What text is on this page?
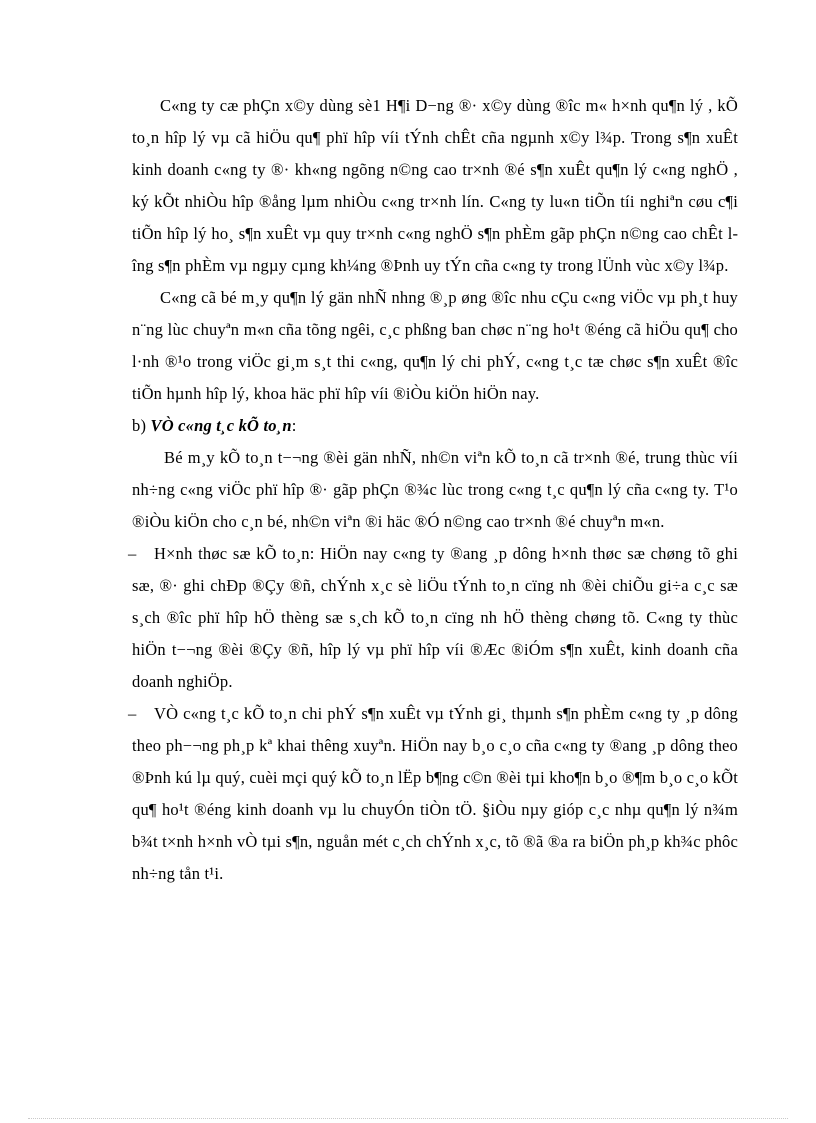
C«ng ty cæ phÇn x©y dùng sè1 H¶i D−ng ®· x©y dùng ®îc m« h×nh qu¶n lý , kÕ to¸n hîp lý vµ cã hiÖu qu¶ phï hîp víi tÝnh chÊt cña ngµnh x©y l¾p. Trong s¶n xuÊt kinh doanh c«ng ty ®· kh«ng ngõng n©ng cao tr×nh ®é s¶n xuÊt qu¶n lý c«ng nghÖ , ký kÕt nhiÒu hîp ®ång lµm nhiÒu c«ng tr×nh lín. C«ng ty lu«n tiÕn tíi nghiªn cøu c¶i tiÕn hîp lý ho¸ s¶n xuÊt vµ quy tr×nh c«ng nghÖ s¶n phÈm gãp phÇn n©ng cao chÊt lîng s¶n phÈm vµ ngµy cµng kh¼ng ®Þnh uy tÝn cña c«ng ty trong lÜnh vùc x©y l¾p.

C«ng cã bé m¸y qu¶n lý gän nhÑ nhng ®¸p øng ®îc nhu cÇu c«ng viÖc vµ ph¸t huy n¨ng lùc chuyªn m«n cña tõng ngêi, c¸c phßng ban chøc n¨ng ho¹t ®éng cã hiÖu qu¶ cho l·nh ®¹o trong viÖc gi¸m s¸t thi c«ng, qu¶n lý chi phÝ, c«ng t¸c tæ chøc s¶n xuÊt ®îc tiÕn hµnh hîp lý, khoa häc phï hîp víi ®iÒu kiÖn hiÖn nay.

b) VÒ c«ng t¸c kÕ to¸n:

Bé m¸y kÕ to¸n t−¬ng ®èi gän nhÑ, nh©n viªn kÕ to¸n cã tr×nh ®é, trung thùc víi nh÷ng c«ng viÖc phï hîp ®· gãp phÇn ®¾c lùc trong c«ng t¸c qu¶n lý cña c«ng ty. T¹o ®iÒu kiÖn cho c¸n bé, nh©n viªn ®i häc ®Ó n©ng cao tr×nh ®é chuyªn m«n.

– H×nh thøc sæ kÕ to¸n: HiÖn nay c«ng ty ®ang ¸p dông h×nh thøc sæ chøng tõ ghi sæ, ®· ghi chÐp ®Çy ®ñ, chÝnh x¸c sè liÖu tÝnh to¸n cïng nh ®èi chiÕu gi÷a c¸c sæ s¸ch ®îc phï hîp hÖ thèng sæ s¸ch kÕ to¸n cïng nh hÖ thèng chøng tõ. C«ng ty thùc hiÖn t−¬ng ®èi ®Çy ®ñ, hîp lý vµ phï hîp víi ®Æc ®iÓm s¶n xuÊt, kinh doanh cña doanh nghiÖp.

– VÒ c«ng t¸c kÕ to¸n chi phÝ s¶n xuÊt vµ tÝnh gi¸ thµnh s¶n phÈm c«ng ty ¸p dông theo ph−¬ng ph¸p kª khai thêng xuyªn. HiÖn nay b¸o c¸o cña c«ng ty ®ang ¸p dông theo ®Þnh kú lµ quý, cuèi mçi quý kÕ to¸n lËp b¶ng c©n ®èi tµi kho¶n b¸o ®¶m b¸o c¸o kÕt qu¶ ho¹t ®éng kinh doanh vµ lu chuyÓn tiÒn tÖ. §iÒu nµy gióp c¸c nhµ qu¶n lý n¾m b¾t t×nh h×nh vÒ tµi s¶n, nguån mét c¸ch chÝnh x¸c, tõ ®ã ®a ra biÖn ph¸p kh¾c phôc nh÷ng tån t¹i.
